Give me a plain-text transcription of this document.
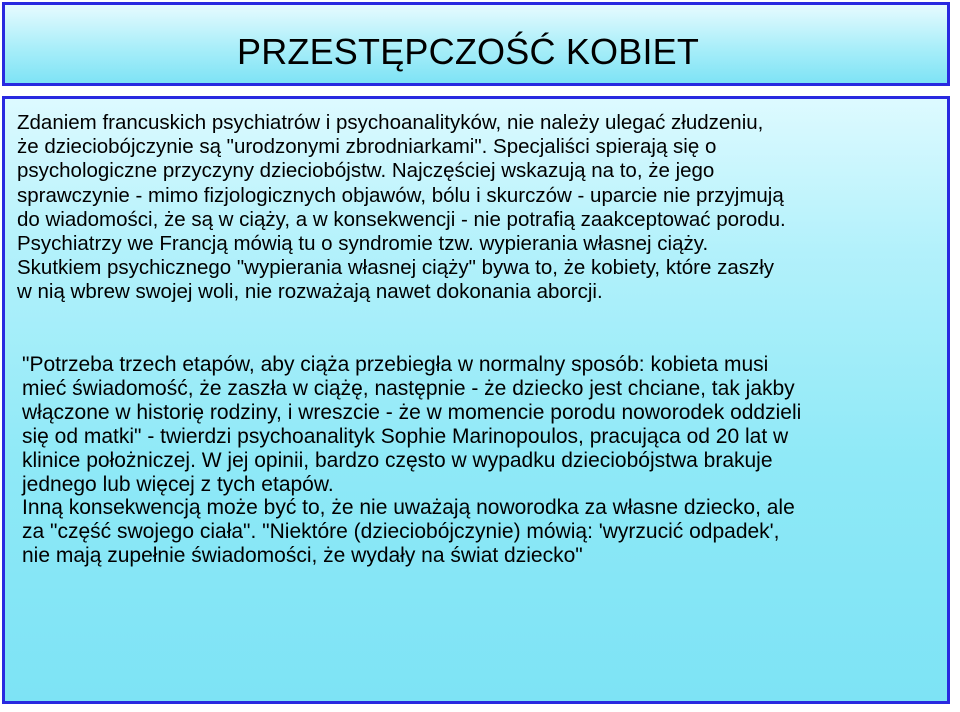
PRZESTĘPCZOŚĆ KOBIET
Zdaniem francuskich psychiatrów i psychoanalityków, nie należy ulegać złudzeniu,
że dzieciobójczynie są "urodzonymi zbrodniarkami". Specjaliści spierają się o
psychologiczne przyczyny dzieciobójstw. Najczęściej wskazują na to, że jego
sprawczynie - mimo fizjologicznych objawów, bólu i skurczów - uparcie nie przyjmują
do wiadomości, że są w ciąży, a w konsekwencji - nie potrafią zaakceptować porodu.
Psychiatrzy we Francją mówią tu o syndromie tzw. wypierania własnej ciąży.
Skutkiem psychicznego "wypierania własnej ciąży" bywa to, że kobiety, które zaszły
w nią wbrew swojej woli, nie rozważają nawet dokonania aborcji.
"Potrzeba trzech etapów, aby ciąża przebiegła w normalny sposób: kobieta musi
mieć świadomość, że zaszła w ciążę, następnie - że dziecko jest chciane, tak jakby
włączone w historię rodziny, i wreszcie - że w momencie porodu noworodek oddzieli
się od matki" - twierdzi psychoanalityk Sophie Marinopoulos, pracująca od 20 lat w
klinice położniczej. W jej opinii, bardzo często w wypadku dzieciobójstwa brakuje
jednego lub więcej z tych etapów.
Inną konsekwencją może być to, że nie uważają noworodka za własne dziecko, ale
za "część swojego ciała". "Niektóre (dzieciobójczynie) mówią: 'wyrzucić odpadek',
nie mają zupełnie świadomości, że wydały na świat dziecko"
